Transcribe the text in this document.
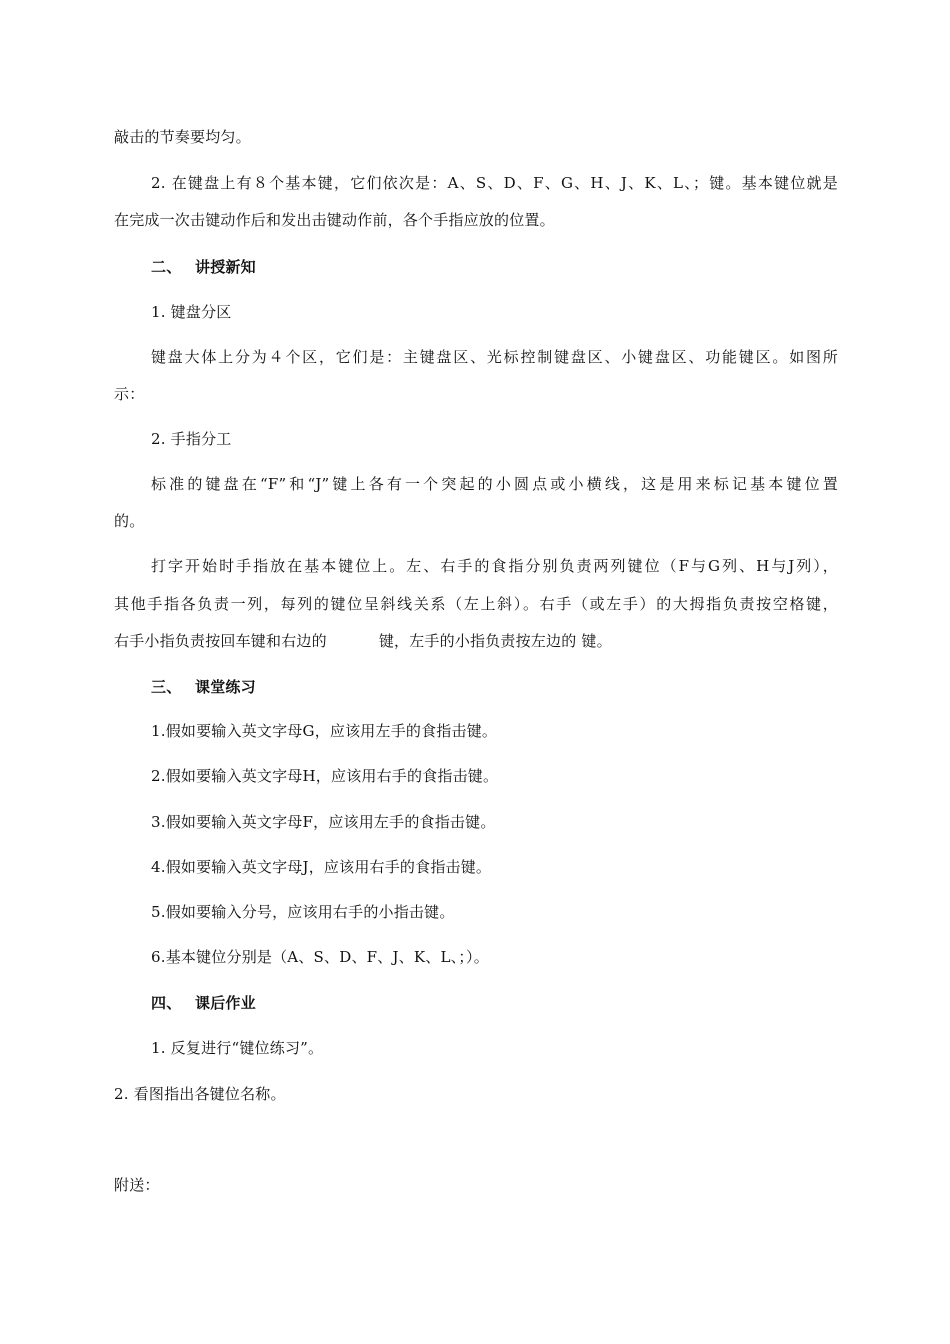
敲击的节奏要均匀。
2. 在键盘上有８个基本键，它们依次是：A、S、D、F、G、H、J、K、L、；键。基本键位就是
在完成一次击键动作后和发出击键动作前，各个手指应放的位置。
二、 讲授新知
1. 键盘分区
键盘大体上分为４个区，它们是：主键盘区、光标控制键盘区、小键盘区、功能键区。如图所
示：
2. 手指分工
标准的键盘在“F”和“J”键上各有一个突起的小圆点或小横线，这是用来标记基本键位置
的。
打字开始时手指放在基本键位上。左、右手的食指分别负责两列键位（F与G列、H与J列），
其他手指各负责一列，每列的键位呈斜线关系（左上斜）。右手（或左手）的大拇指负责按空格键，
右手小指负责按回车键和右边的	键，左手的小指负责按左边的 键。
三、 课堂练习
1.假如要输入英文字母G，应该用左手的食指击键。
2.假如要输入英文字母H，应该用右手的食指击键。
3.假如要输入英文字母F，应该用左手的食指击键。
4.假如要输入英文字母J，应该用右手的食指击键。
5.假如要输入分号，应该用右手的小指击键。
6.基本键位分别是（A、S、D、F、J、K、L、；）。
四、 课后作业
1. 反复进行“键位练习”。
2. 看图指出各键位名称。
附送：
